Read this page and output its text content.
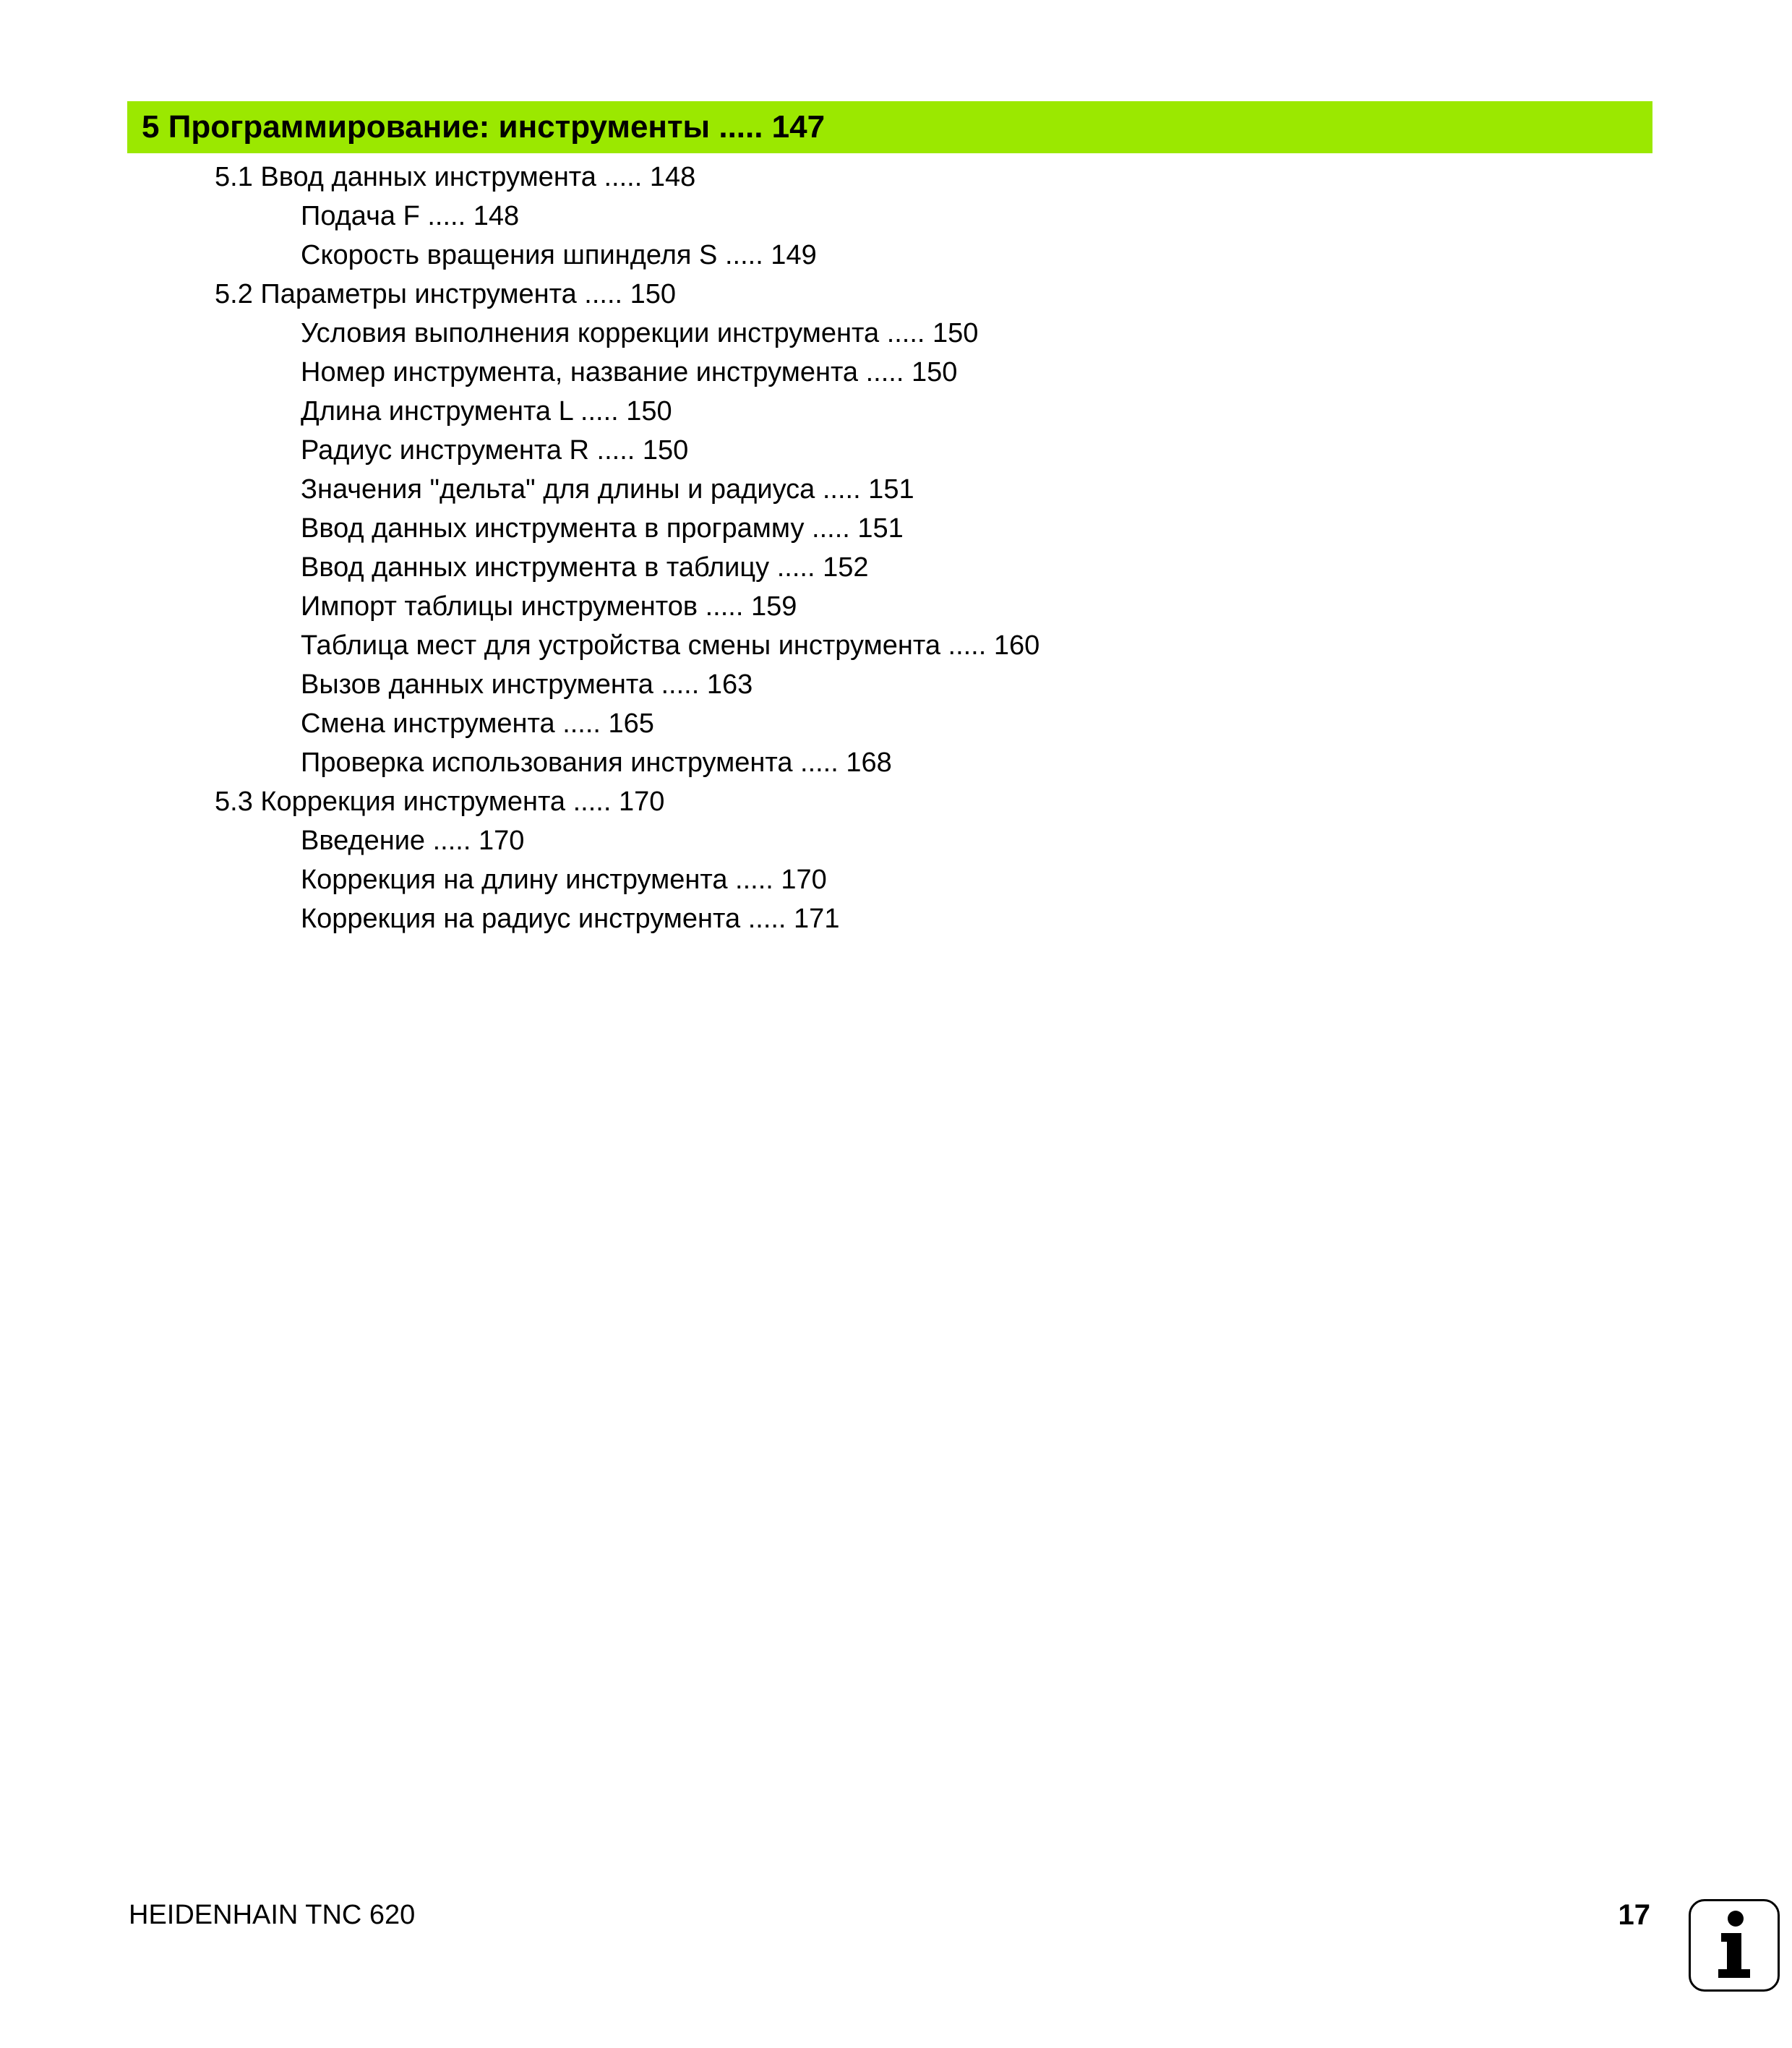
5 Программирование: инструменты ..... 147
5.1 Ввод данных инструмента ..... 148
Подача F ..... 148
Скорость вращения шпинделя S ..... 149
5.2 Параметры инструмента ..... 150
Условия выполнения коррекции инструмента ..... 150
Номер инструмента, название инструмента ..... 150
Длина инструмента L ..... 150
Радиус инструмента R ..... 150
Значения "дельта" для длины и радиуса ..... 151
Ввод данных инструмента в программу ..... 151
Ввод данных инструмента в таблицу ..... 152
Импорт таблицы инструментов ..... 159
Таблица мест для устройства смены инструмента ..... 160
Вызов данных инструмента ..... 163
Смена инструмента ..... 165
Проверка использования инструмента ..... 168
5.3 Коррекция инструмента ..... 170
Введение ..... 170
Коррекция на длину инструмента ..... 170
Коррекция на радиус инструмента ..... 171
HEIDENHAIN TNC 620	17
